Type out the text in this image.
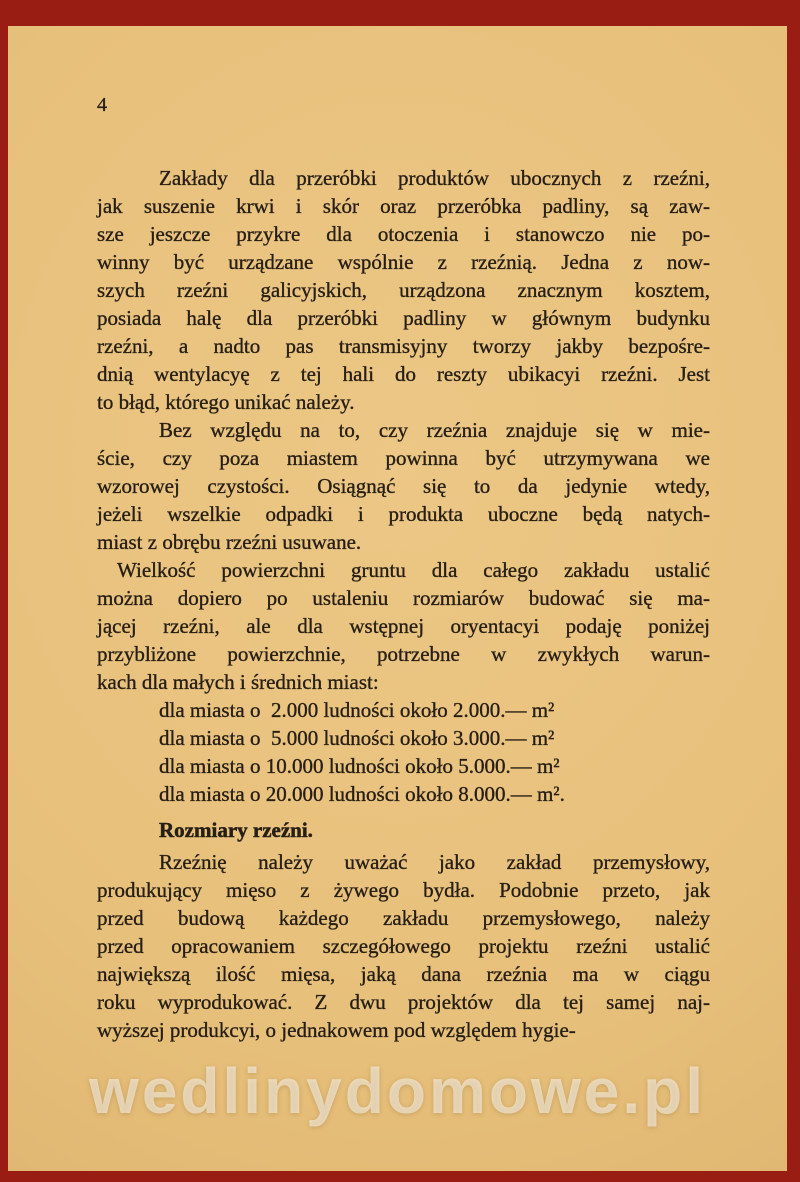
4
Zakłady dla przeróbki produktów ubocznych z rzeźni,
jak suszenie krwi i skór oraz przeróbka padliny, są zaw-
sze jeszcze przykre dla otoczenia i stanowczo nie po-
winny być urządzane wspólnie z rzeźnią. Jedna z now-
szych rzeźni galicyjskich, urządzona znacznym kosztem,
posiada halę dla przeróbki padliny w głównym budynku
rzeźni, a nadto pas transmisyjny tworzy jakby bezpośre-
dnią wentylacyę z tej hali do reszty ubikacyi rzeźni. Jest
to błąd, którego unikać należy.
Bez względu na to, czy rzeźnia znajduje się w mie-
ście, czy poza miastem powinna być utrzymywana we
wzorowej czystości. Osiągnąć się to da jedynie wtedy,
jeżeli wszelkie odpadki i produkta uboczne będą natych-
miast z obrębu rzeźni usuwane.
Wielkość powierzchni gruntu dla całego zakładu ustalić
można dopiero po ustaleniu rozmiarów budować się ma-
jącej rzeźni, ale dla wstępnej oryentacyi podaję poniżej
przybliżone powierzchnie, potrzebne w zwykłych warun-
kach dla małych i średnich miast:
dla miasta o  2.000 ludności około 2.000.— m²
dla miasta o  5.000 ludności około 3.000.— m²
dla miasta o 10.000 ludności około 5.000.— m²
dla miasta o 20.000 ludności około 8.000.— m².
Rozmiary rzeźni.
Rzeźnię należy uważać jako zakład przemysłowy,
produkujący mięso z żywego bydła. Podobnie przeto, jak
przed budową każdego zakładu przemysłowego, należy
przed opracowaniem szczegółowego projektu rzeźni ustalić
największą ilość mięsa, jaką dana rzeźnia ma w ciągu
roku wyprodukować. Z dwu projektów dla tej samej naj-
wyższej produkcyi, o jednakowem pod względem hygie-
wedlinydomowe.pl
